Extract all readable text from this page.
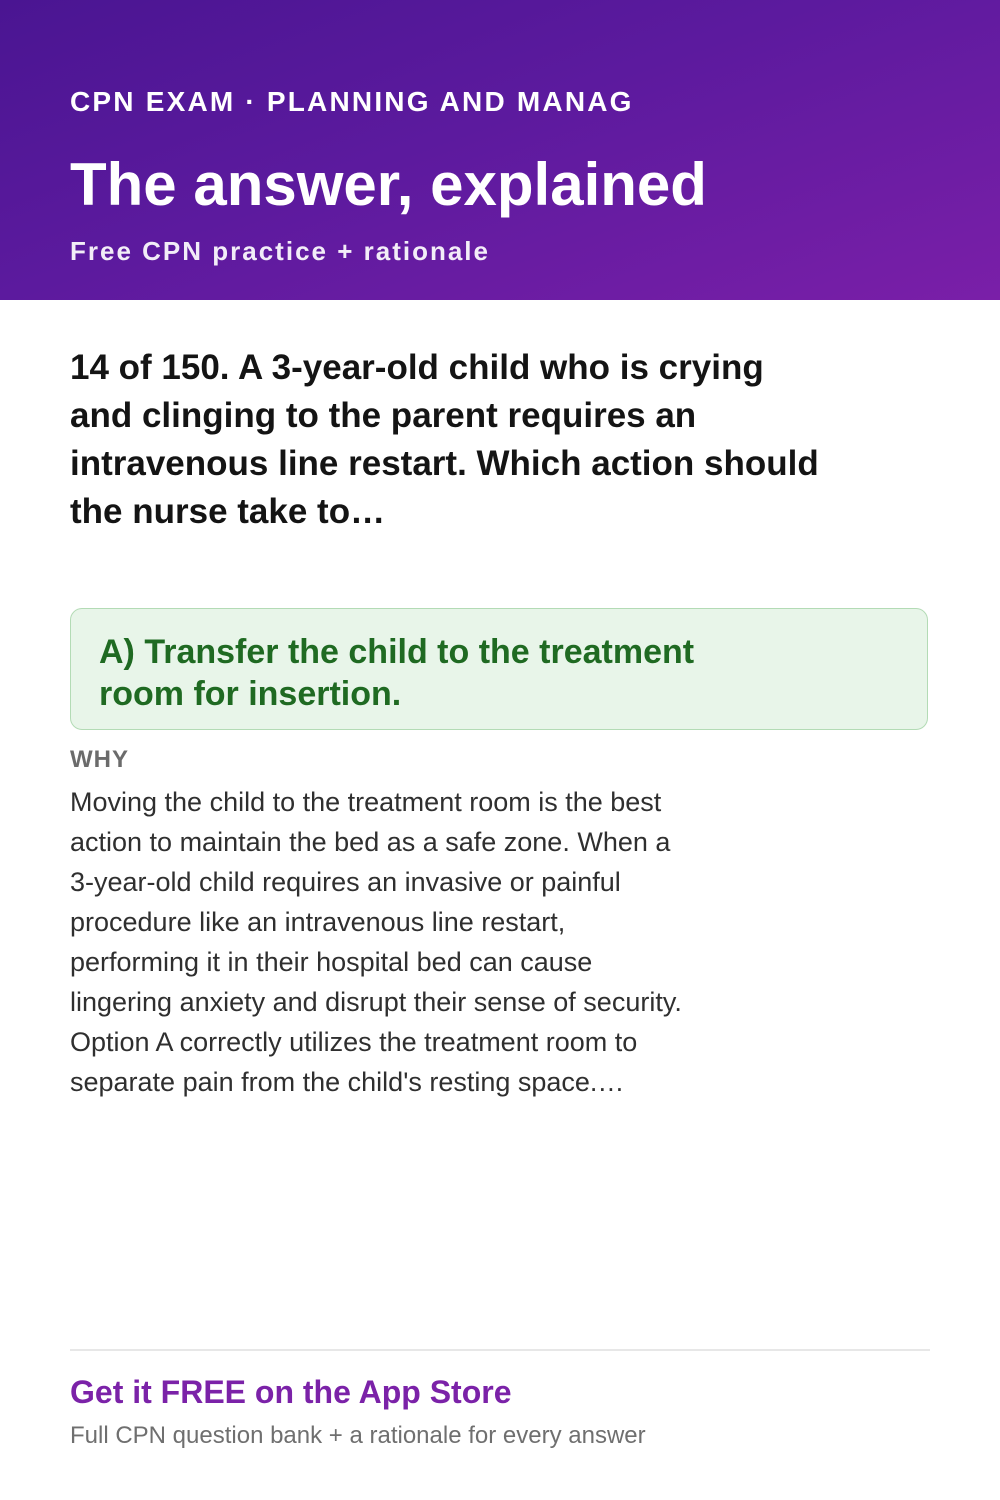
CPN EXAM · PLANNING AND MANAG
The answer, explained
Free CPN practice + rationale
14 of 150. A 3-year-old child who is crying and clinging to the parent requires an intravenous line restart. Which action should the nurse take to…
A) Transfer the child to the treatment room for insertion.
WHY
Moving the child to the treatment room is the best action to maintain the bed as a safe zone. When a 3-year-old child requires an invasive or painful procedure like an intravenous line restart, performing it in their hospital bed can cause lingering anxiety and disrupt their sense of security. Option A correctly utilizes the treatment room to separate pain from the child's resting space.…
Get it FREE on the App Store
Full CPN question bank + a rationale for every answer
